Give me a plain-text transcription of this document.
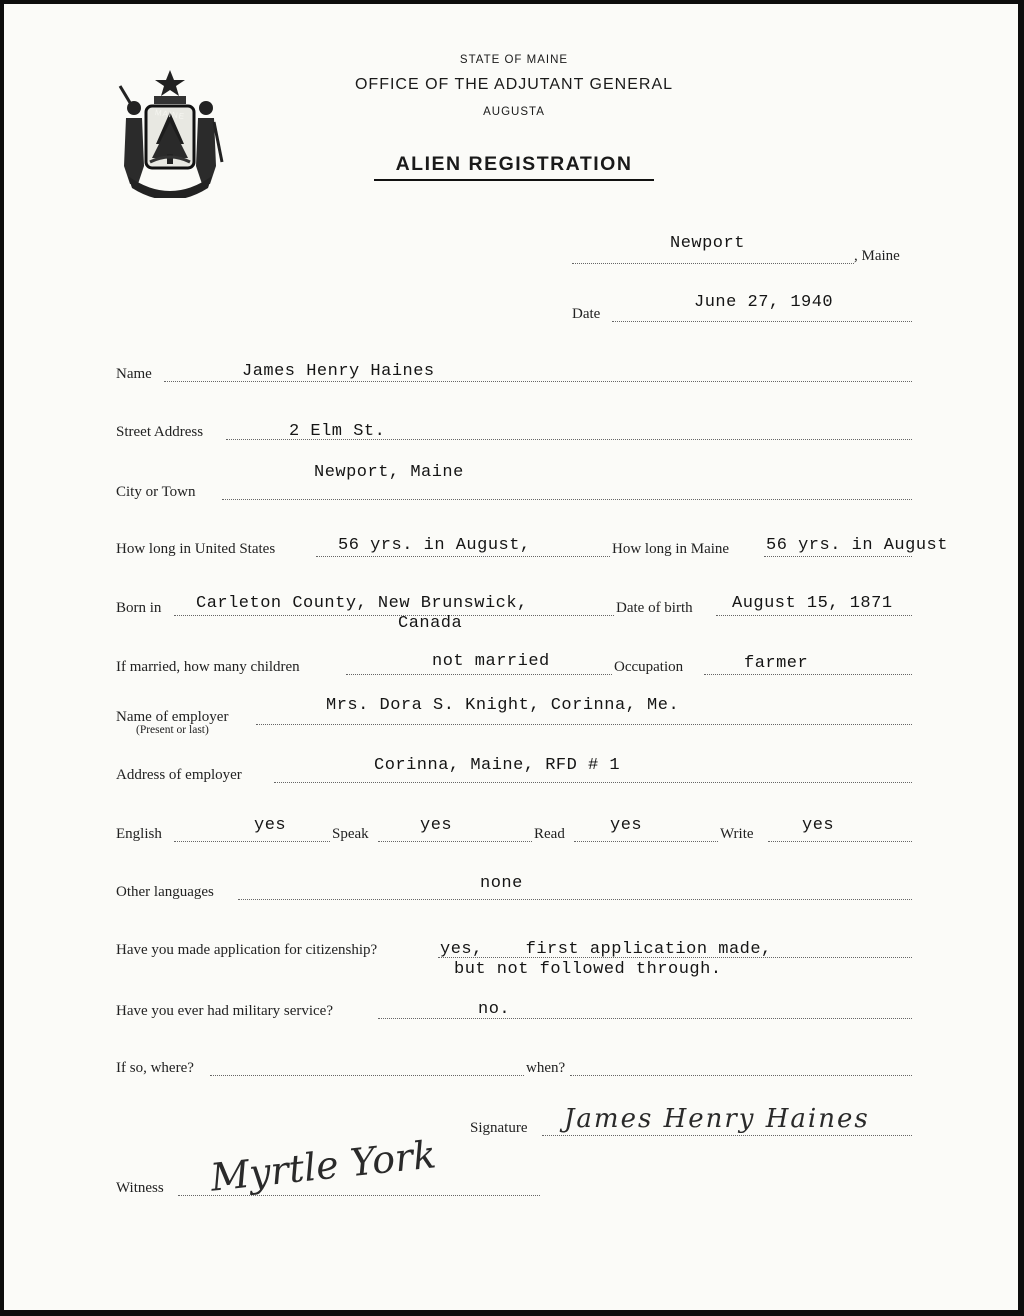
MAINE
STATE OF MAINE
OFFICE OF THE ADJUTANT GENERAL
AUGUSTA
ALIEN REGISTRATION
Newport
, Maine
Date
June 27, 1940
Name	James Henry Haines
Street Address	2 Elm St.
City or Town
Newport, Maine
How long in United States	56 yrs. in August,	How long in Maine 56 yrs. in August
Born in Carleton County, New Brunswick,
Canada
Date of birth August 15, 1871
If married, how many children	not married	Occupation	farmer
Name of employer
(Present or last)
Mrs. Dora S. Knight, Corinna, Me.
Address of employer	Corinna, Maine, RFD # 1
English	yes	Speak	yes	Read	yes	Write	yes
Other languages	none
Have you made application for citizenship?	yes,    first application made,
but not followed through.
Have you ever had military service?	no.
If so, where?	when?
Signature James Henry Haines
Witness Myrtle York
